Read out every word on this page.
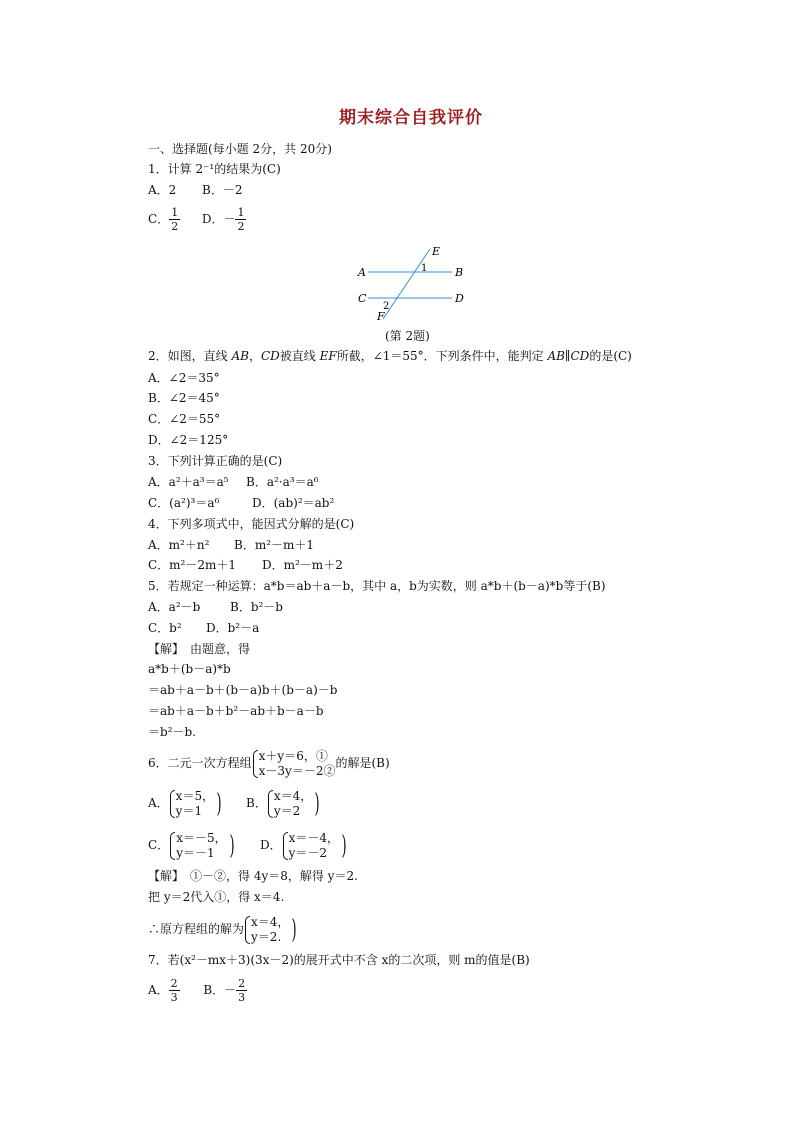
期末综合自我评价
一、选择题(每小题 2分，共 20分)
1．计算 2⁻¹的结果为(C)
A．2 B．－2
C． $\frac{1}{2}$ D．－ $\frac{1}{2}$
A	B
C	D
E
F
1
2
(第 2题)
2．如图，直线 AB，CD被直线 EF所截，∠1＝55°．下列条件中，能判定 AB∥CD的是(C)
A．∠2＝35°
B．∠2＝45°
C．∠2＝55°
D．∠2＝125°
3．下列计算正确的是(C)
A．a²＋a³＝a⁵ B．a²·a³＝a⁶
C．(a²)³＝a⁶	D．(ab)²＝ab²
4．下列多项式中，能因式分解的是(C)
A．m²＋n² B．m²－m＋1
C．m²－2m＋1 D．m²－m＋2
5．若规定一种运算：a*b＝ab＋a－b，其中 a，b为实数，则 a*b＋(b－a)*b等于(B)
A．a²－b B．b²－b
C．b² D．b²－a
【解】　由题意，得
a*b＋(b－a)*b
＝ab＋a－b＋(b－a)b＋(b－a)－b
＝ab＋a－b＋b²－ab＋b－a－b
＝b²－b.
6．二元一次方程组
x＋y＝6，①
x－3y＝－2②
的解是(B)
A．
x＝5，
y＝1 ) B．
x＝4，
y＝2 )
C．
x＝－5，
y＝－1 ) D．
x＝－4，
y＝－2 )
【解】　①－②，得 4y＝8，解得 y＝2.
把 y＝2代入①，得 x＝4.
∴原方程组的解为
x＝4，
y＝2. )
7．若(x²－mx＋3)(3x－2)的展开式中不含 x的二次项，则 m的值是(B)
A． $\frac{2}{3}$ B．－ $\frac{2}{3}$
